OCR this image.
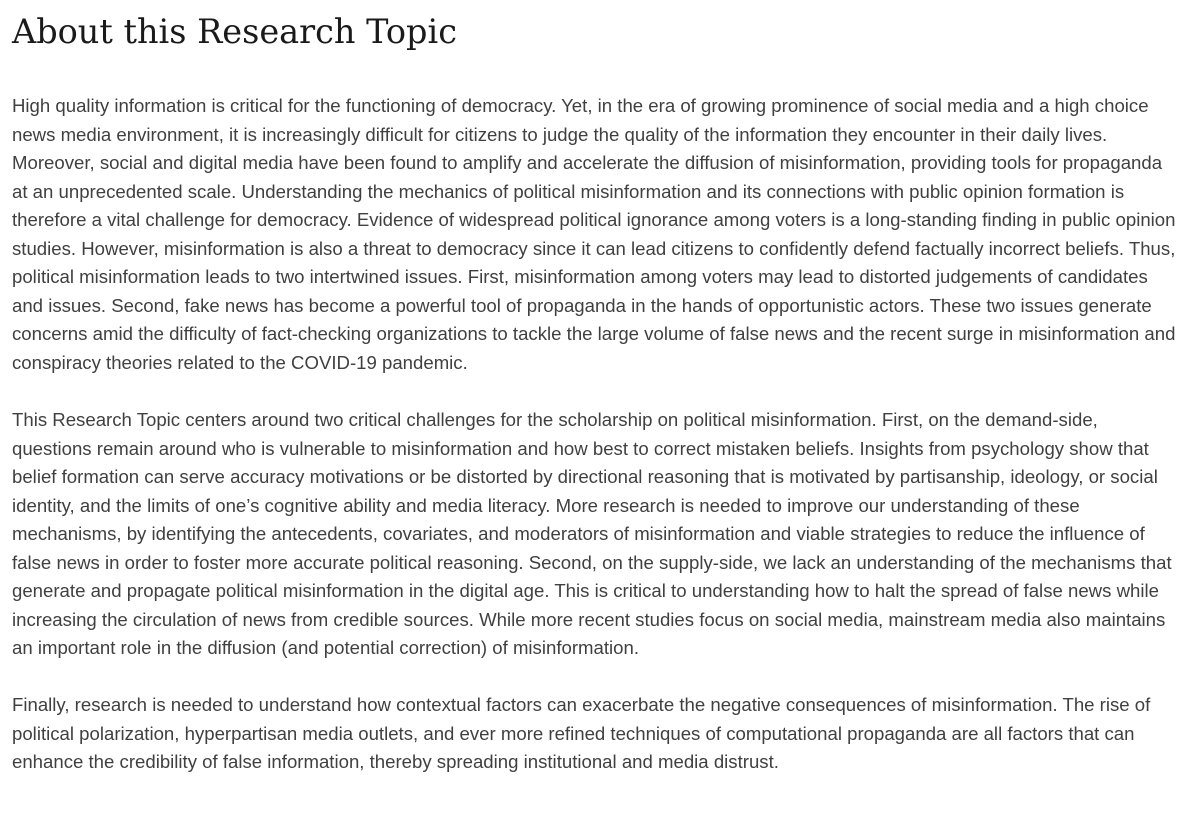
About this Research Topic

High quality information is critical for the functioning of democracy. Yet, in the era of growing prominence of social media and a high choice news media environment, it is increasingly difficult for citizens to judge the quality of the information they encounter in their daily lives. Moreover, social and digital media have been found to amplify and accelerate the diffusion of misinformation, providing tools for propaganda at an unprecedented scale. Understanding the mechanics of political misinformation and its connections with public opinion formation is therefore a vital challenge for democracy. Evidence of widespread political ignorance among voters is a long-standing finding in public opinion studies. However, misinformation is also a threat to democracy since it can lead citizens to confidently defend factually incorrect beliefs. Thus, political misinformation leads to two intertwined issues. First, misinformation among voters may lead to distorted judgements of candidates and issues. Second, fake news has become a powerful tool of propaganda in the hands of opportunistic actors. These two issues generate concerns amid the difficulty of fact-checking organizations to tackle the large volume of false news and the recent surge in misinformation and conspiracy theories related to the COVID-19 pandemic.

This Research Topic centers around two critical challenges for the scholarship on political misinformation. First, on the demand-side, questions remain around who is vulnerable to misinformation and how best to correct mistaken beliefs. Insights from psychology show that belief formation can serve accuracy motivations or be distorted by directional reasoning that is motivated by partisanship, ideology, or social identity, and the limits of one’s cognitive ability and media literacy. More research is needed to improve our understanding of these mechanisms, by identifying the antecedents, covariates, and moderators of misinformation and viable strategies to reduce the influence of false news in order to foster more accurate political reasoning. Second, on the supply-side, we lack an understanding of the mechanisms that generate and propagate political misinformation in the digital age. This is critical to understanding how to halt the spread of false news while increasing the circulation of news from credible sources. While more recent studies focus on social media, mainstream media also maintains an important role in the diffusion (and potential correction) of misinformation.

Finally, research is needed to understand how contextual factors can exacerbate the negative consequences of misinformation. The rise of political polarization, hyperpartisan media outlets, and ever more refined techniques of computational propaganda are all factors that can enhance the credibility of false information, thereby spreading institutional and media distrust.
